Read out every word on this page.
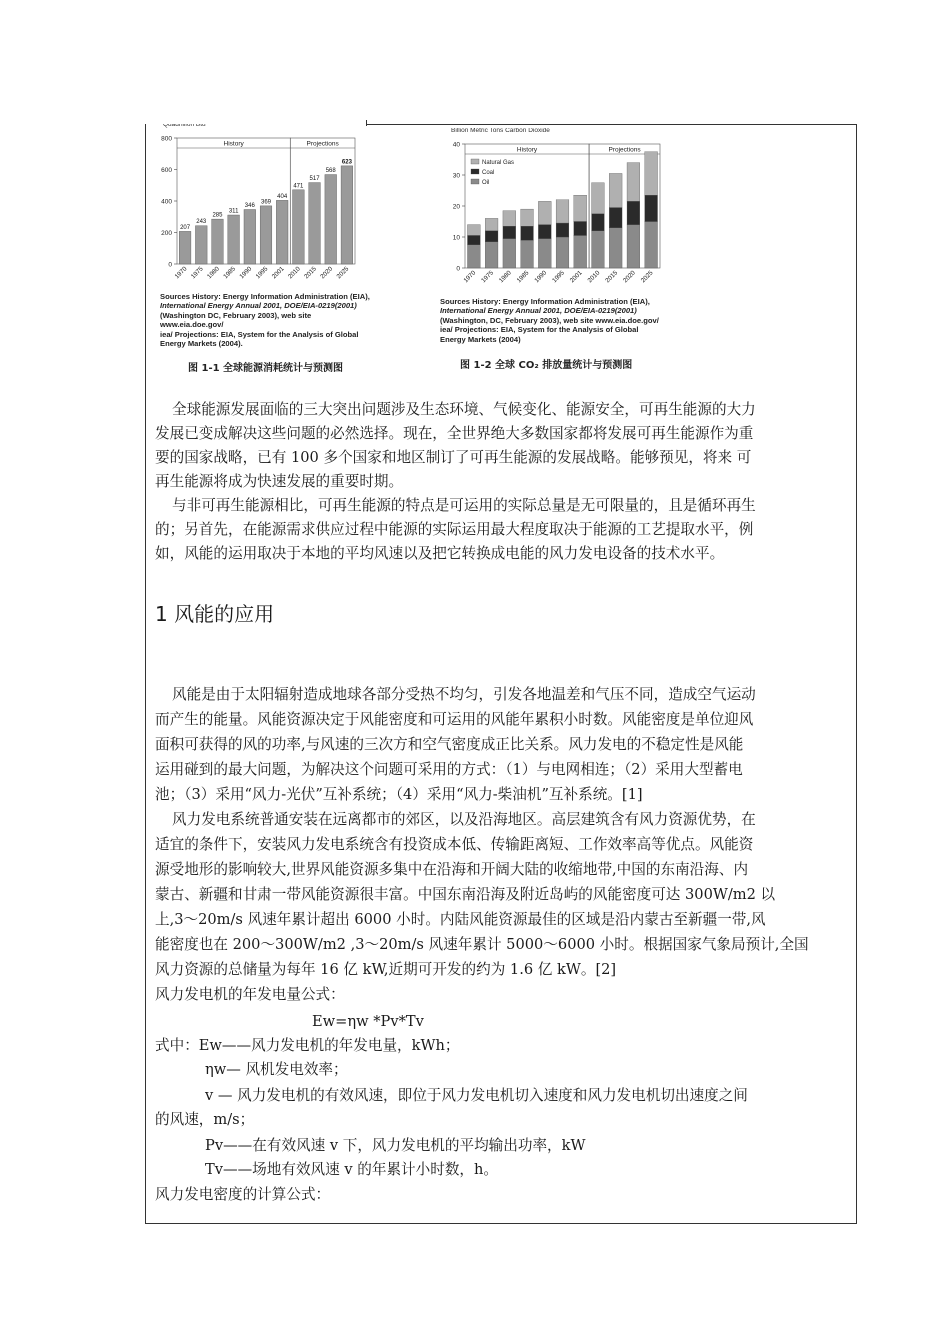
Quadrillion Btu
History	Projections
0
200
400
600
800
207
1970
243
1975
285
1980
311
1985
346
1990
369
1995
404
2001
471
2010
517
2015
568
2020
623
2025
Sources History: Energy Information Administration (EIA),
International Energy Annual 2001, DOE/EIA-0219(2001)
(Washington DC, February 2003), web site www.eia.doe.gov/
iea/ Projections: EIA, System for the Analysis of Global
Energy Markets (2004).
图 1-1 全球能源消耗统计与预测图
Billion Metric Tons Carbon Dioxide
History	Projections
0
10
20
30
40
1970 1975 1980 1985 1990 1995 2001 2010 2015 2020 2025
Natural Gas
Coal
Oil
Sources History: Energy Information Administration (EIA),
International Energy Annual 2001, DOE/EIA-0219(2001)
(Washington, DC, February 2003), web site www.eia.doe.gov/
iea/ Projections: EIA, System for the Analysis of Global
Energy Markets (2004)
图 1-2 全球 CO₂ 排放量统计与预测图
全球能源发展面临的三大突出问题涉及生态环境、气候变化、能源安全，可再生能源的大力
发展已变成解决这些问题的必然选择。现在，全世界绝大多数国家都将发展可再生能源作为重
要的国家战略，已有 100 多个国家和地区制订了可再生能源的发展战略。能够预见，将来 可
再生能源将成为快速发展的重要时期。
与非可再生能源相比，可再生能源的特点是可运用的实际总量是无可限量的，且是循环再生
的；另首先，在能源需求供应过程中能源的实际运用最大程度取决于能源的工艺提取水平，例
如，风能的运用取决于本地的平均风速以及把它转换成电能的风力发电设备的技术水平。
1 风能的应用
风能是由于太阳辐射造成地球各部分受热不均匀，引发各地温差和气压不同，造成空气运动
而产生的能量。风能资源决定于风能密度和可运用的风能年累积小时数。风能密度是单位迎风
面积可获得的风的功率,与风速的三次方和空气密度成正比关系。风力发电的不稳定性是风能
运用碰到的最大问题，为解决这个问题可采用的方式：（1）与电网相连；（2）采用大型蓄电
池；（3）采用“风力-光伏”互补系统；（4）采用“风力-柴油机”互补系统。[1]
风力发电系统普通安装在远离都市的郊区，以及沿海地区。高层建筑含有风力资源优势，在
适宜的条件下，安装风力发电系统含有投资成本低、传输距离短、工作效率高等优点。风能资
源受地形的影响较大,世界风能资源多集中在沿海和开阔大陆的收缩地带,中国的东南沿海、内
蒙古、新疆和甘肃一带风能资源很丰富。中国东南沿海及附近岛屿的风能密度可达 300W/m2 以
上,3～20m/s 风速年累计超出 6000 小时。内陆风能资源最佳的区域是沿内蒙古至新疆一带,风
能密度也在 200～300W/m2 ,3～20m/s 风速年累计 5000～6000 小时。根据国家气象局预计,全国
风力资源的总储量为每年 16 亿 kW,近期可开发的约为 1.6 亿 kW。[2]
风力发电机的年发电量公式：
Ew=ηw *Pv*Tv
式中：Ew——风力发电机的年发电量，kWh；
ηw— 风机发电效率；
v — 风力发电机的有效风速，即位于风力发电机切入速度和风力发电机切出速度之间
的风速，m/s；
Pv——在有效风速 v 下，风力发电机的平均输出功率，kW
Tv——场地有效风速 v 的年累计小时数，h。
风力发电密度的计算公式：
